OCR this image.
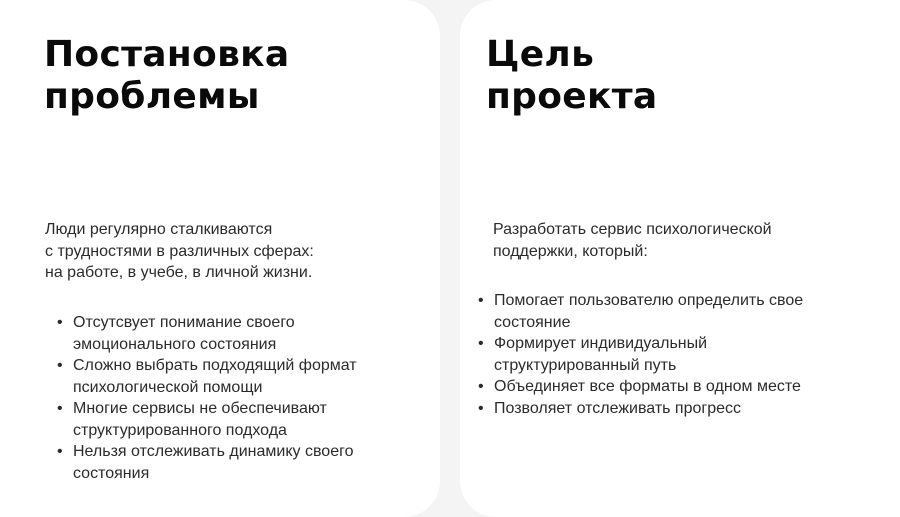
Постановка
проблемы

Люди регулярно сталкиваются
с трудностями в различных сферах:
на работе, в учебе, в личной жизни.

• Отсутсвует понимание своего
эмоционального состояния
• Сложно выбрать подходящий формат
психологической помощи
• Многие сервисы не обеспечивают
структурированного подхода
• Нельзя отслеживать динамику своего
состояния
Цель
проекта

Разработать сервис психологической
поддержки, который:

• Помогает пользователю определить свое
состояние
• Формирует индивидуальный
структурированный путь
• Объединяет все форматы в одном месте
• Позволяет отслеживать прогресс
